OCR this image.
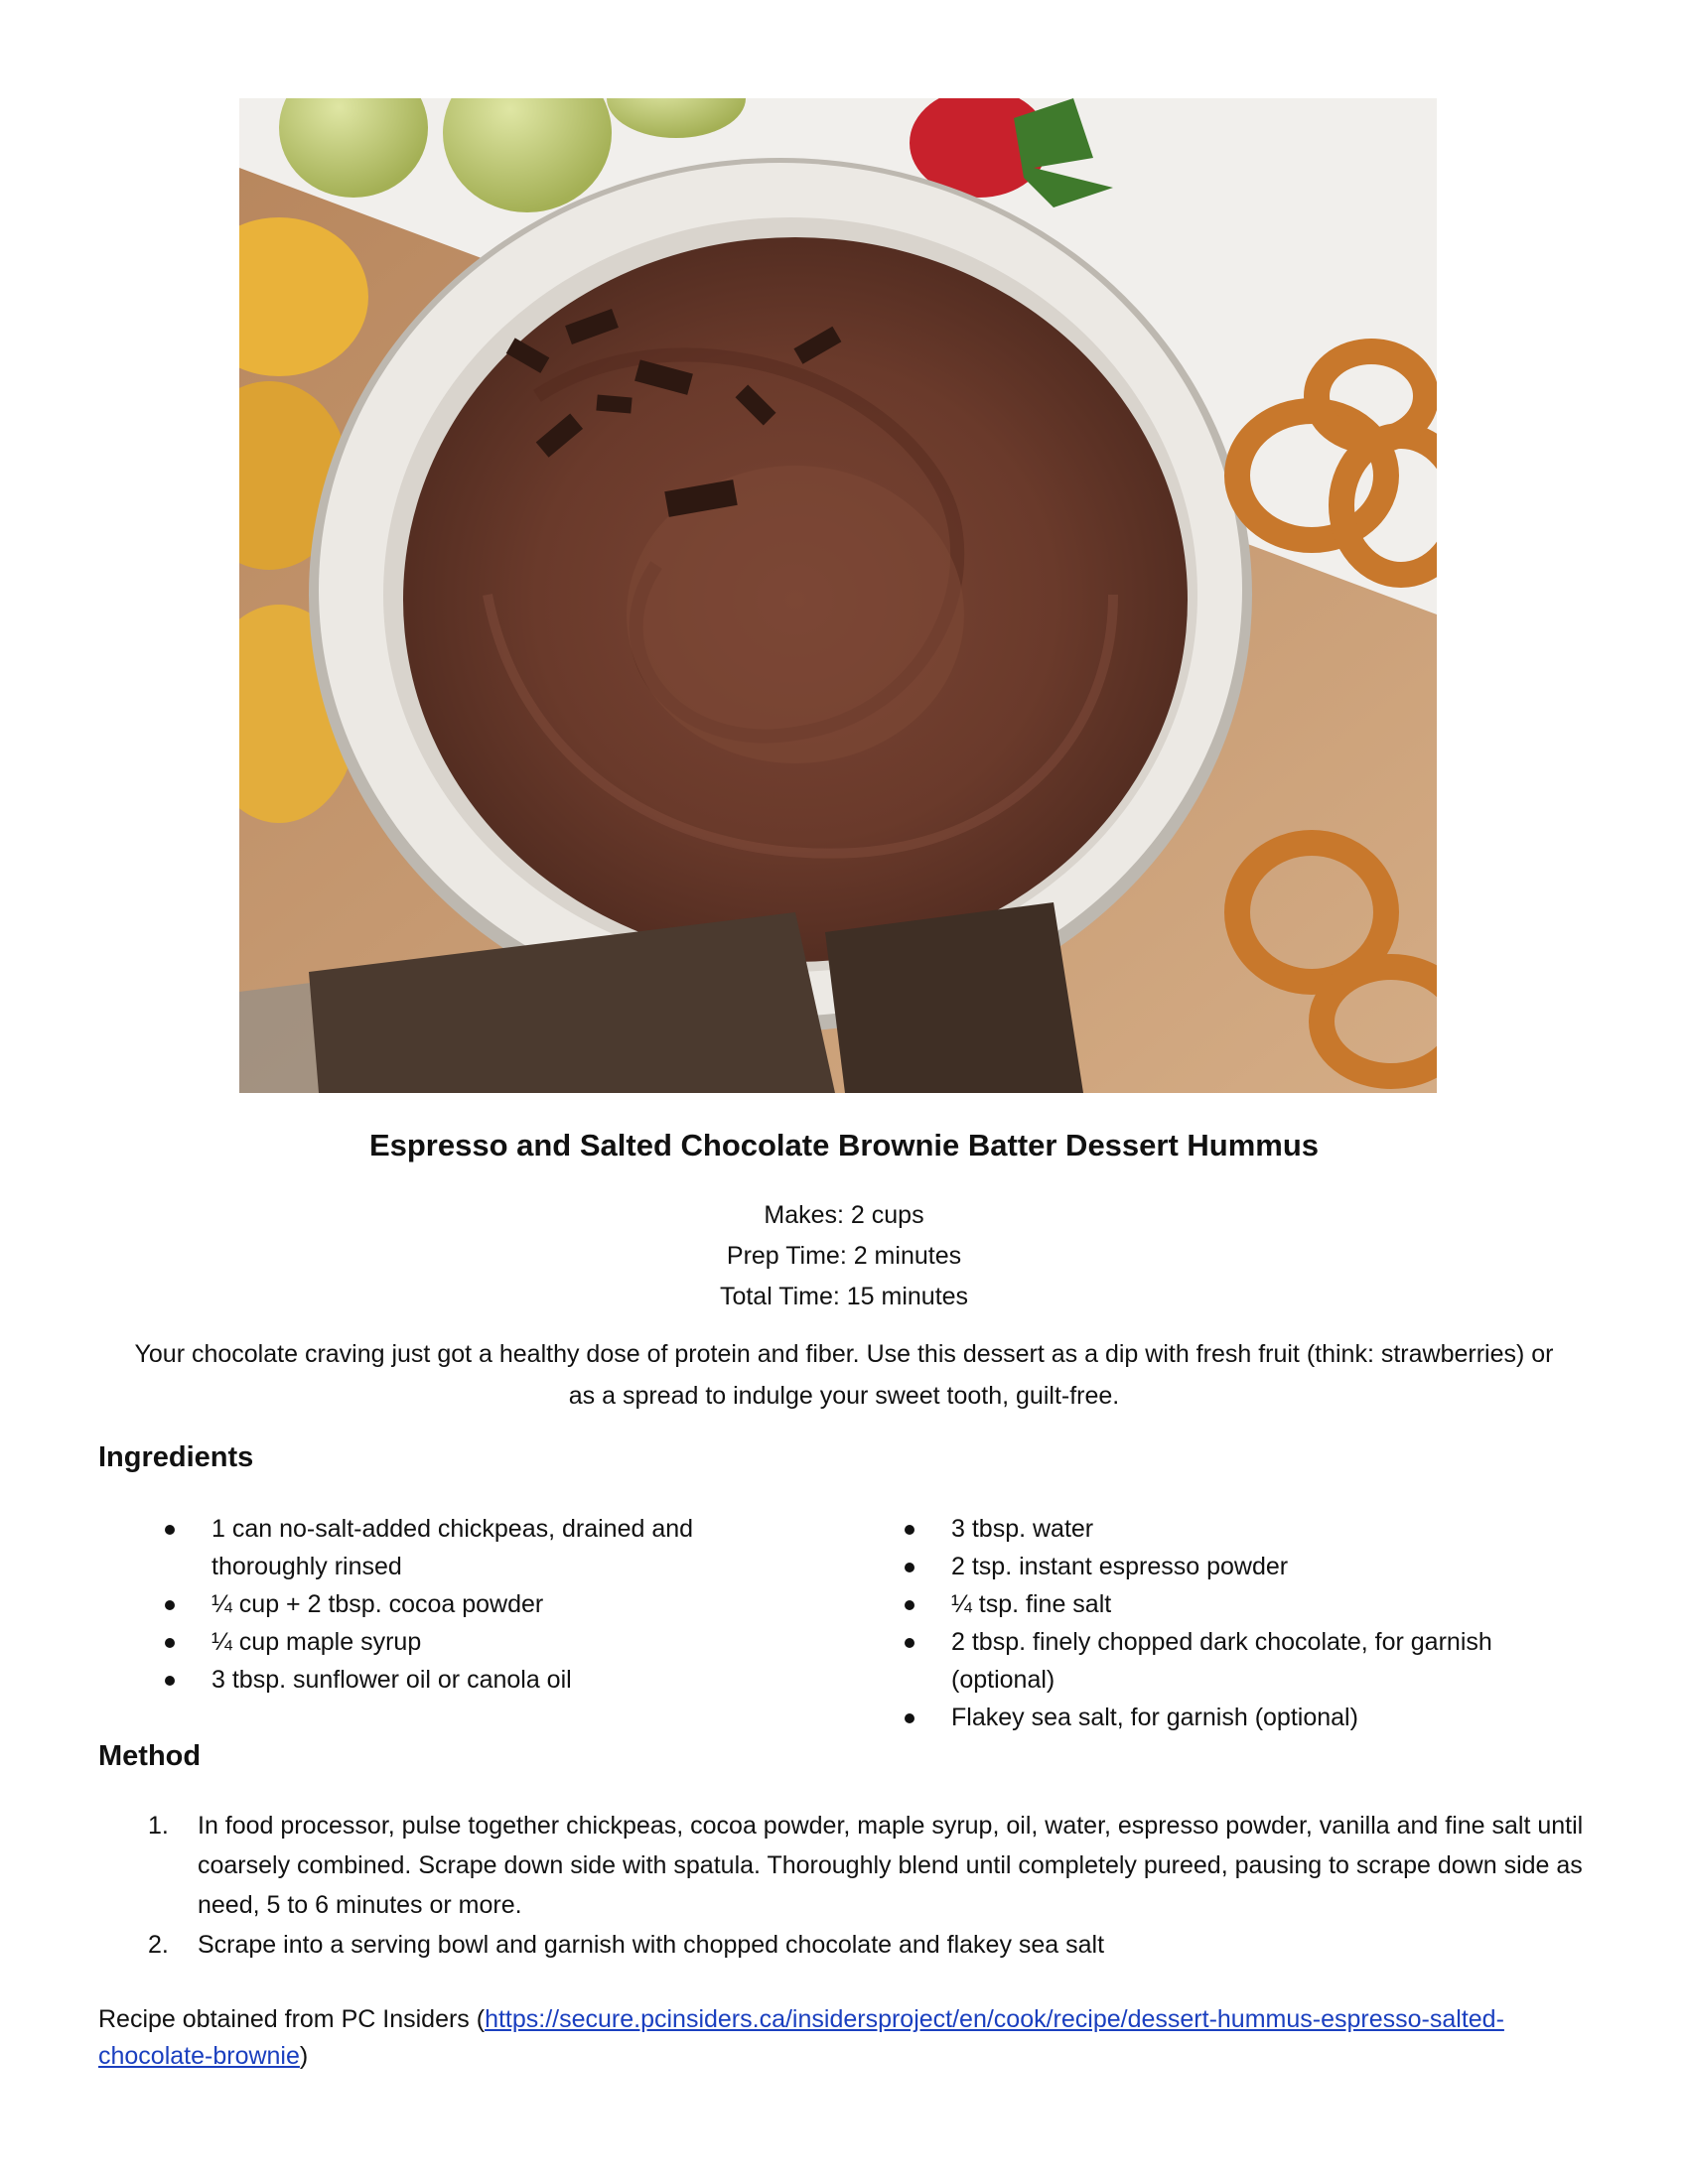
Espresso and Salted Chocolate Brownie Batter Dessert Hummus
Makes: 2 cups
Prep Time: 2 minutes
Total Time: 15 minutes
Your chocolate craving just got a healthy dose of protein and fiber. Use this dessert as a dip with fresh fruit (think: strawberries) or as a spread to indulge your sweet tooth, guilt-free.
Ingredients
1 can no-salt-added chickpeas, drained and thoroughly rinsed
¼ cup + 2 tbsp. cocoa powder
¼ cup maple syrup
3 tbsp. sunflower oil or canola oil
3 tbsp. water
2 tsp. instant espresso powder
¼ tsp. fine salt
2 tbsp. finely chopped dark chocolate, for garnish (optional)
Flakey sea salt, for garnish (optional)
Method
1. In food processor, pulse together chickpeas, cocoa powder, maple syrup, oil, water, espresso powder, vanilla and fine salt until coarsely combined. Scrape down side with spatula. Thoroughly blend until completely pureed, pausing to scrape down side as need, 5 to 6 minutes or more.
2. Scrape into a serving bowl and garnish with chopped chocolate and flakey sea salt
Recipe obtained from PC Insiders (https://secure.pcinsiders.ca/insidersproject/en/cook/recipe/dessert-hummus-espresso-salted-chocolate-brownie)
